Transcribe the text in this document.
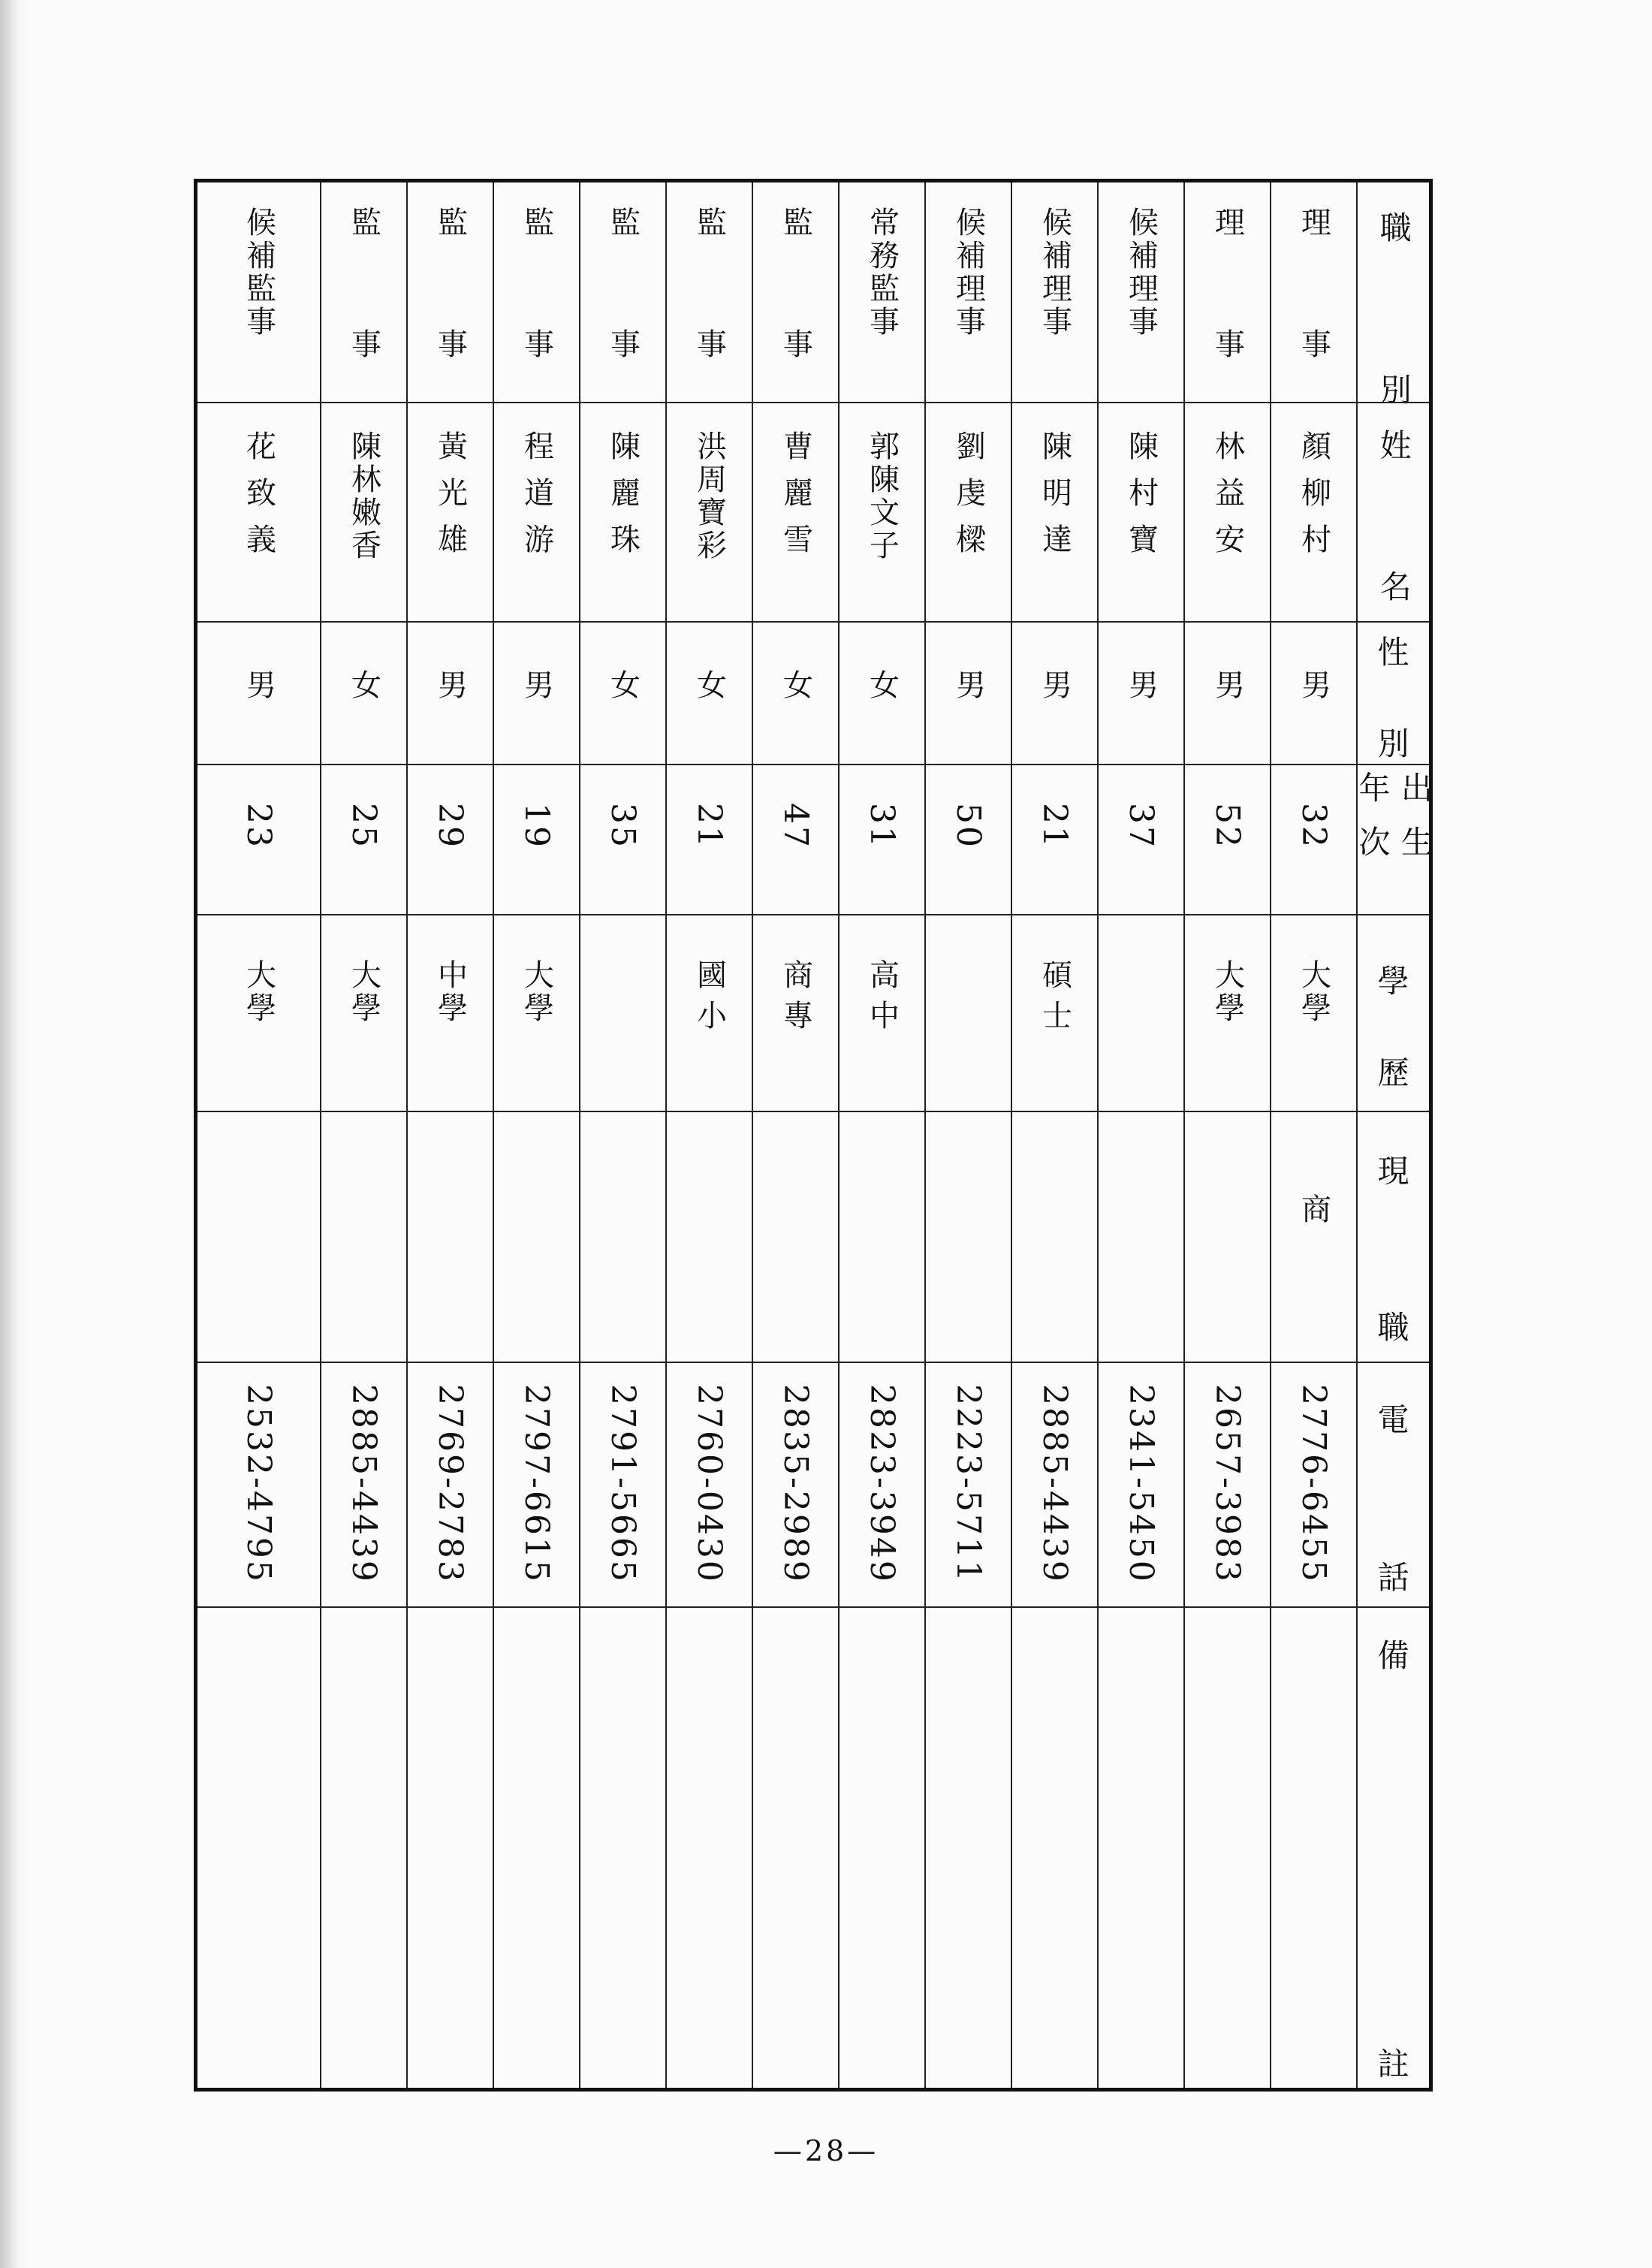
職　　別
姓　名
性
別
出生
年次
學
歷
現
職
電
話
備
註
理　　事
顏柳村
男
32
大學
商
2776-6455
理　　事
林益安
男
52
大學
2657-3983
候補理事
陳村寶
男
37
2341-5450
候補理事
陳明達
男
21
碩士
2885-4439
候補理事
劉虔樑
男
50
2223-5711
常務監事
郭陳文子
女
31
高中
2823-3949
監　　事
曹麗雪
女
47
商專
2835-2989
監　　事
洪周寶彩
女
21
國小
2760-0430
監　　事
陳麗珠
女
35
2791-5665
監　　事
程道游
男
19
大學
2797-6615
監　　事
黃光雄
男
29
中學
2769-2783
監　　事
陳林嫩香
女
25
大學
2885-4439
候補監事
花致義
男
23
大學
2532-4795
—28—
